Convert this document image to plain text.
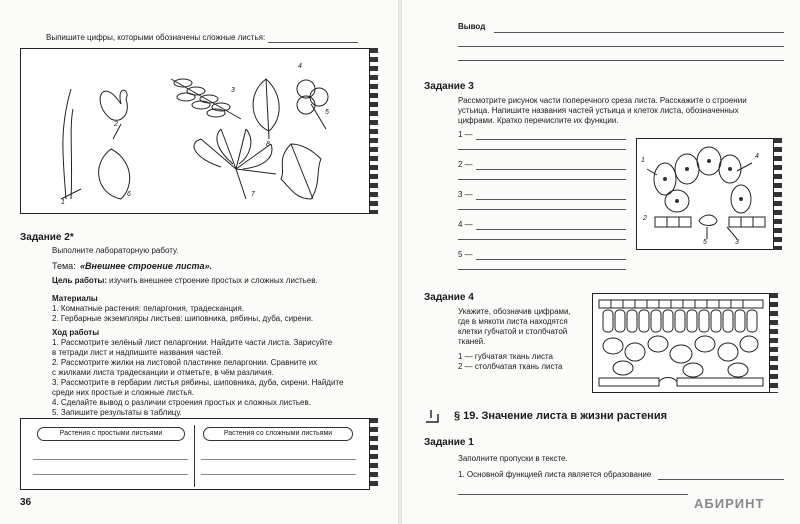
Выпишите цифры, которыми обозначены сложные листья:
1
2
3
4
5
6	7
8
Задание 2*
Выполните лабораторную работу.
Тема: «Внешнее строение листа».
Цель работы: изучить внешнее строение простых и сложных листьев.
Материалы
1. Комнатные растения: пеларгония, традесканция.
2. Гербарные экземпляры листьев: шиповника, рябины, дуба, сирени.
Ход работы
1. Рассмотрите зелёный лист пеларгонии. Найдите части листа. Зарисуйте
в тетради лист и надпишите названия частей.
2. Рассмотрите жилки на листовой пластинке пеларгонии. Сравните их
с жилками листа традесканции и отметьте, в чём различия.
3. Рассмотрите в гербарии листья рябины, шиповника, дуба, сирени. Найдите
среди них простые и сложные листья.
4. Сделайте вывод о различии строения простых и сложных листьев.
5. Запишите результаты в таблицу.
Растения с простыми листьями	Растения со сложными листьями
36
Вывод
Задание 3
Рассмотрите рисунок части поперечного среза листа. Расскажите о строении
устьица. Напишите названия частей устьица и клеток листа, обозначенных
цифрами. Кратко перечислите их функции.
1 —
2 —
3 —
4 —
5 —
1
4
2
5	3
Задание 4
Укажите, обозначив цифрами,
где в мякоти листа находятся
клетки губчатой и столбчатой
тканей.
1 — губчатая ткань листа
2 — столбчатая ткань листа
§ 19. Значение листа в жизни растения
Задание 1
Заполните пропуски в тексте.
1. Основной функцией листа является образование
АБИРИНТ
